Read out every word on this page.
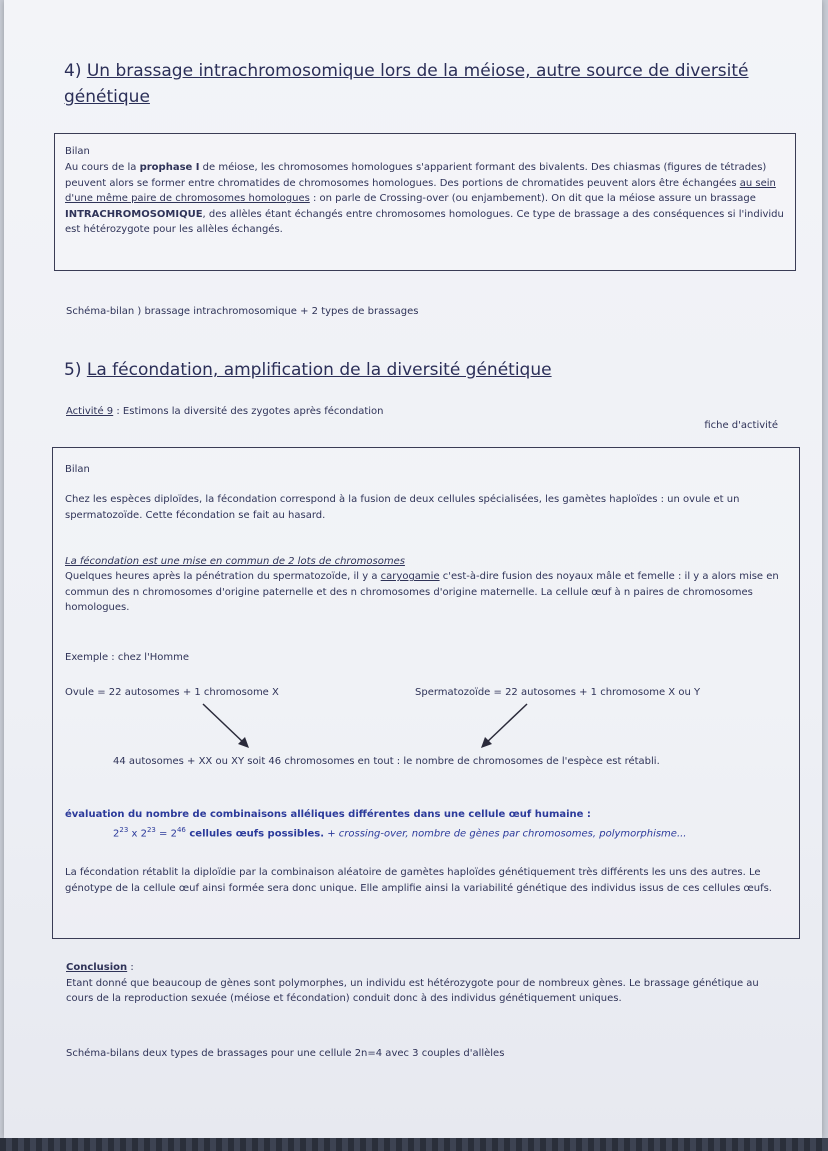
4) Un brassage intrachromosomique lors de la méiose, autre source de diversité
génétique
Bilan
Au cours de la prophase I de méiose, les chromosomes homologues s'apparient formant des bivalents. Des chiasmas (figures de tétrades) peuvent alors se former entre chromatides de chromosomes homologues. Des portions de chromatides peuvent alors être échangées au sein d'une même paire de chromosomes homologues : on parle de Crossing-over (ou enjambement). On dit que la méiose assure un brassage INTRACHROMOSOMIQUE, des allèles étant échangés entre chromosomes homologues. Ce type de brassage a des conséquences si l'individu est hétérozygote pour les allèles échangés.
Schéma-bilan ) brassage intrachromosomique + 2 types de brassages
5) La fécondation, amplification de la diversité génétique
Activité 9 : Estimons la diversité des zygotes après fécondation
fiche d'activité
Bilan
Chez les espèces diploïdes, la fécondation correspond à la fusion de deux cellules spécialisées, les gamètes haploïdes : un ovule et un spermatozoïde. Cette fécondation se fait au hasard.
La fécondation est une mise en commun de 2 lots de chromosomes
Quelques heures après la pénétration du spermatozoïde, il y a caryogamie c'est-à-dire fusion des noyaux mâle et femelle : il y a alors mise en commun des n chromosomes d'origine paternelle et des n chromosomes d'origine maternelle. La cellule œuf à n paires de chromosomes homologues.
Exemple : chez l'Homme
Ovule = 22 autosomes + 1 chromosome X	Spermatozoïde = 22 autosomes + 1 chromosome X ou Y
44 autosomes + XX ou XY soit 46 chromosomes en tout : le nombre de chromosomes de l'espèce est rétabli.
évaluation du nombre de combinaisons alléliques différentes dans une cellule œuf humaine :
$2^{23}$ x $2^{23} = 2^{46}$ cellules œufs possibles. + crossing-over, nombre de gènes par chromosomes, polymorphisme...
La fécondation rétablit la diploïdie par la combinaison aléatoire de gamètes haploïdes génétiquement très différents les uns des autres. Le génotype de la cellule œuf ainsi formée sera donc unique. Elle amplifie ainsi la variabilité génétique des individus issus de ces cellules œufs.
Conclusion :
Etant donné que beaucoup de gènes sont polymorphes, un individu est hétérozygote pour de nombreux gènes. Le brassage génétique au cours de la reproduction sexuée (méiose et fécondation) conduit donc à des individus génétiquement uniques.
Schéma-bilans deux types de brassages pour une cellule 2n=4 avec 3 couples d'allèles
